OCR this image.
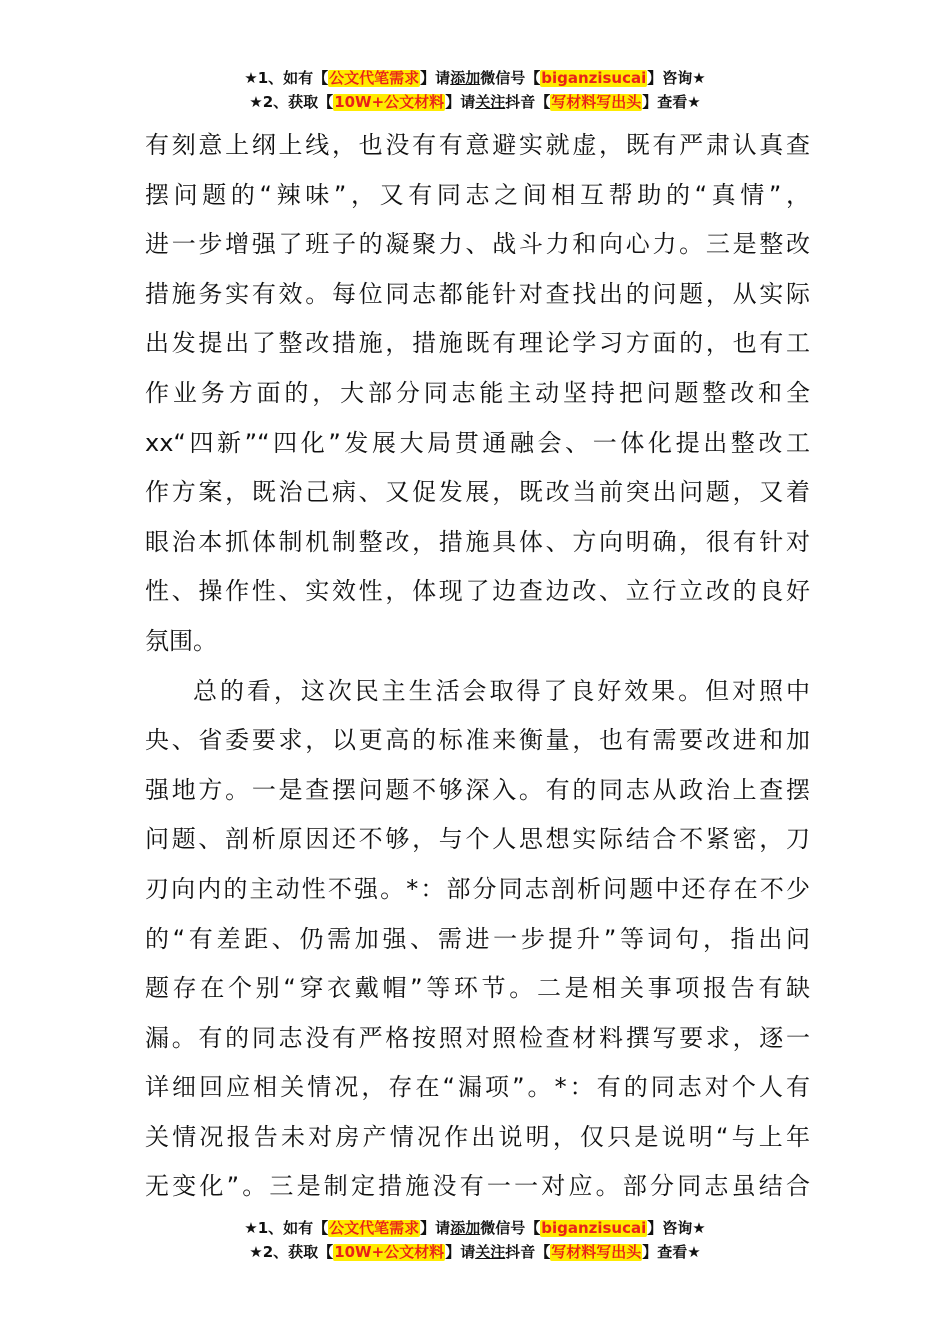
★1、如有【公文代笔需求】请添加微信号【biganzisucai】咨询★
★2、获取【10W+公文材料】请关注抖音【写材料写出头】查看★
有刻意上纲上线，也没有有意避实就虚，既有严肃认真查
摆问题的“辣味”，又有同志之间相互帮助的“真情”，
进一步增强了班子的凝聚力、战斗力和向心力。三是整改
措施务实有效。每位同志都能针对查找出的问题，从实际
出发提出了整改措施，措施既有理论学习方面的，也有工
作业务方面的，大部分同志能主动坚持把问题整改和全
xx“四新”“四化”发展大局贯通融会、一体化提出整改工
作方案，既治己病、又促发展，既改当前突出问题，又着
眼治本抓体制机制整改，措施具体、方向明确，很有针对
性、操作性、实效性，体现了边查边改、立行立改的良好
氛围。
总的看，这次民主生活会取得了良好效果。但对照中
央、省委要求，以更高的标准来衡量，也有需要改进和加
强地方。一是查摆问题不够深入。有的同志从政治上查摆
问题、剖析原因还不够，与个人思想实际结合不紧密，刀
刃向内的主动性不强。*：部分同志剖析问题中还存在不少
的“有差距、仍需加强、需进一步提升”等词句，指出问
题存在个别“穿衣戴帽”等环节。二是相关事项报告有缺
漏。有的同志没有严格按照对照检查材料撰写要求，逐一
详细回应相关情况，存在“漏项”。*：有的同志对个人有
关情况报告未对房产情况作出说明，仅只是说明“与上年
无变化”。三是制定措施没有一一对应。部分同志虽结合
★1、如有【公文代笔需求】请添加微信号【biganzisucai】咨询★
★2、获取【10W+公文材料】请关注抖音【写材料写出头】查看★
